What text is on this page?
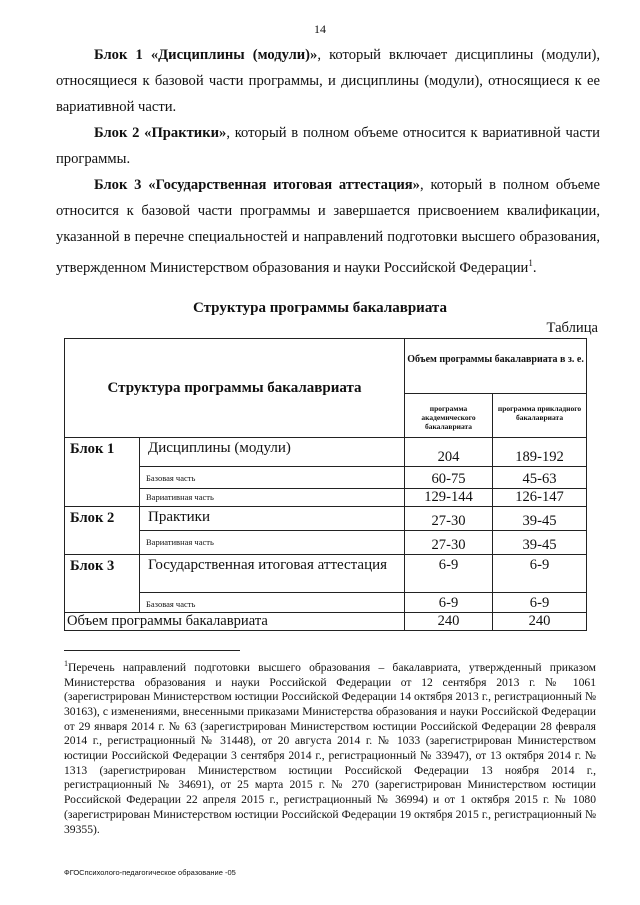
14
Блок 1 «Дисциплины (модули)», который включает дисциплины (модули), относящиеся к базовой части программы, и дисциплины (модули), относящиеся к ее вариативной части.
Блок 2 «Практики», который в полном объеме относится к вариативной части программы.
Блок 3 «Государственная итоговая аттестация», который в полном объеме относится к базовой части программы и завершается присвоением квалификации, указанной в перечне специальностей и направлений подготовки высшего образования, утвержденном Министерством образования и науки Российской Федерации$^1$.
Структура программы бакалавриата
Таблица
Структура программы бакалавриата		Объем программы бакалавриата в з. е.	
		программа академического бакалавриата	программа прикладного бакалавриата
Блок 1	Дисциплины (модули)	204	189-192
	Базовая часть	60-75	45-63
	Вариативная часть	129-144	126-147
Блок 2	Практики	27-30	39-45
	Вариативная часть	27-30	39-45
Блок 3	Государственная итоговая аттестация	6-9	6-9
	Базовая часть	6-9	6-9
Объем программы бакалавриата		240	240
$^1$Перечень направлений подготовки высшего образования – бакалавриата, утвержденный приказом Министерства образования и науки Российской Федерации от 12 сентября 2013 г. № 1061 (зарегистрирован Министерством юстиции Российской Федерации 14 октября 2013 г., регистрационный № 30163), с изменениями, внесенными приказами Министерства образования и науки Российской Федерации от 29 января 2014 г. № 63 (зарегистрирован Министерством юстиции Российской Федерации 28 февраля 2014 г., регистрационный № 31448), от 20 августа 2014 г. № 1033 (зарегистрирован Министерством юстиции Российской Федерации 3 сентября 2014 г., регистрационный № 33947), от 13 октября 2014 г. № 1313 (зарегистрирован Министерством юстиции Российской Федерации 13 ноября 2014 г., регистрационный № 34691), от 25 марта 2015 г. № 270 (зарегистрирован Министерством юстиции Российской Федерации 22 апреля 2015 г., регистрационный № 36994) и от 1 октября 2015 г. № 1080 (зарегистрирован Министерством юстиции Российской Федерации 19 октября 2015 г., регистрационный № 39355).
ФГОСпсихолого-педагогическое образование -05
